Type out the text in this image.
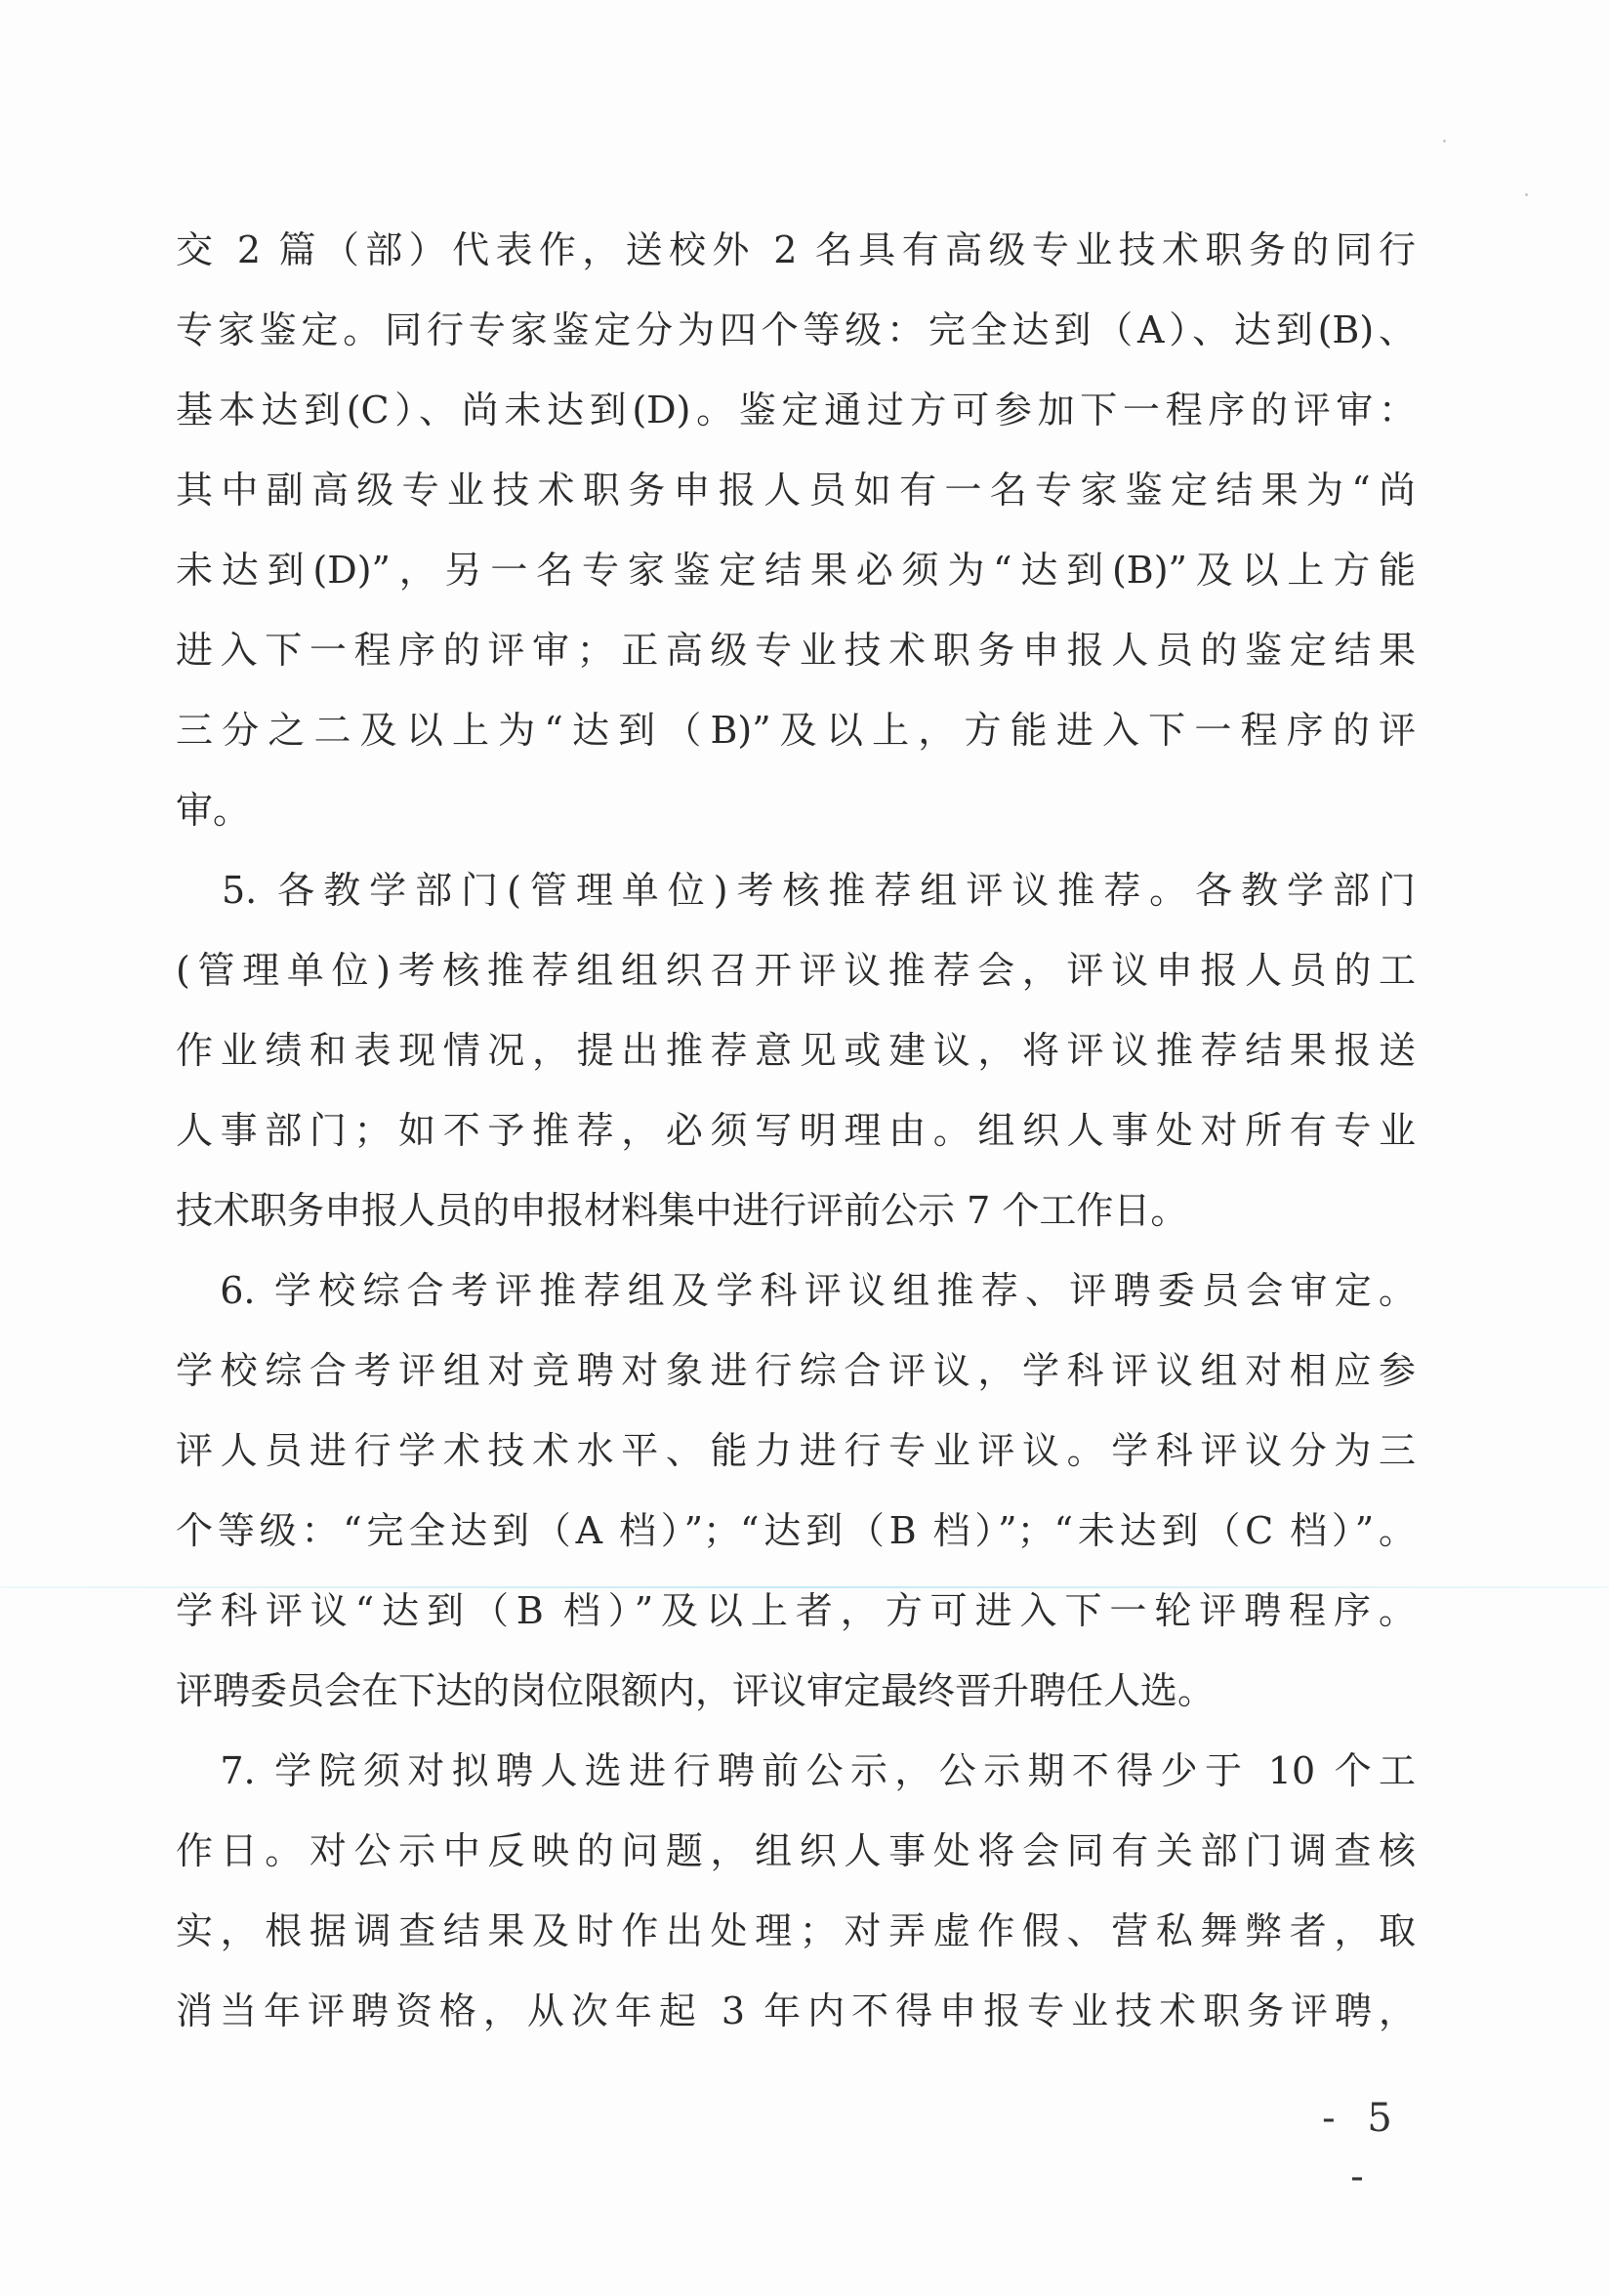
交 2 篇（部）代表作，送校外 2 名具有高级专业技术职务的同行
专家鉴定。同行专家鉴定分为四个等级：完全达到（A）、达到(B)、
基本达到(C）、尚未达到(D)。鉴定通过方可参加下一程序的评审：
其中副高级专业技术职务申报人员如有一名专家鉴定结果为“尚
未达到(D)”，另一名专家鉴定结果必须为“达到(B)”及以上方能
进入下一程序的评审；正高级专业技术职务申报人员的鉴定结果
三分之二及以上为“达到（B)”及以上，方能进入下一程序的评
审。
　5. 各教学部门(管理单位)考核推荐组评议推荐。各教学部门
(管理单位)考核推荐组组织召开评议推荐会，评议申报人员的工
作业绩和表现情况，提出推荐意见或建议，将评议推荐结果报送
人事部门；如不予推荐，必须写明理由。组织人事处对所有专业
技术职务申报人员的申报材料集中进行评前公示 7 个工作日。
　6. 学校综合考评推荐组及学科评议组推荐、评聘委员会审定。
学校综合考评组对竞聘对象进行综合评议，学科评议组对相应参
评人员进行学术技术水平、能力进行专业评议。学科评议分为三
个等级：“完全达到（A 档）”；“达到（B 档）”；“未达到（C 档）”。
学科评议“达到（B 档）”及以上者，方可进入下一轮评聘程序。
评聘委员会在下达的岗位限额内，评议审定最终晋升聘任人选。
　7. 学院须对拟聘人选进行聘前公示，公示期不得少于 10 个工
作日。对公示中反映的问题，组织人事处将会同有关部门调查核
实，根据调查结果及时作出处理；对弄虚作假、营私舞弊者，取
消当年评聘资格，从次年起 3 年内不得申报专业技术职务评聘，
- 5 -
